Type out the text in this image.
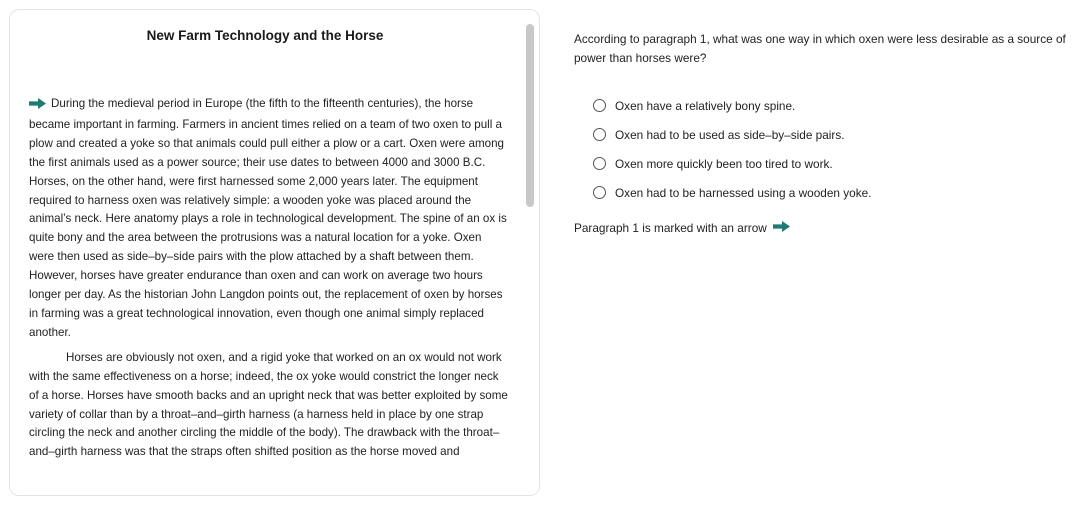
New Farm Technology and the Horse

During the medieval period in Europe (the fifth to the fifteenth centuries), the horse became important in farming. Farmers in ancient times relied on a team of two oxen to pull a plow and created a yoke so that animals could pull either a plow or a cart. Oxen were among the first animals used as a power source; their use dates to between 4000 and 3000 B.C. Horses, on the other hand, were first harnessed some 2,000 years later. The equipment required to harness oxen was relatively simple: a wooden yoke was placed around the animal’s neck. Here anatomy plays a role in technological development. The spine of an ox is quite bony and the area between the protrusions was a natural location for a yoke. Oxen were then used as side–by–side pairs with the plow attached by a shaft between them. However, horses have greater endurance than oxen and can work on average two hours longer per day. As the historian John Langdon points out, the replacement of oxen by horses in farming was a great technological innovation, even though one animal simply replaced another.

Horses are obviously not oxen, and a rigid yoke that worked on an ox would not work with the same effectiveness on a horse; indeed, the ox yoke would constrict the longer neck of a horse. Horses have smooth backs and an upright neck that was better exploited by some variety of collar than by a throat–and–girth harness (a harness held in place by one strap circling the neck and another circling the middle of the body). The drawback with the throat–and–girth harness was that the straps often shifted position as the horse moved and

According to paragraph 1, what was one way in which oxen were less desirable as a source of power than horses were?

Oxen have a relatively bony spine.
Oxen had to be used as side–by–side pairs.
Oxen more quickly been too tired to work.
Oxen had to be harnessed using a wooden yoke.
Paragraph 1 is marked with an arrow
